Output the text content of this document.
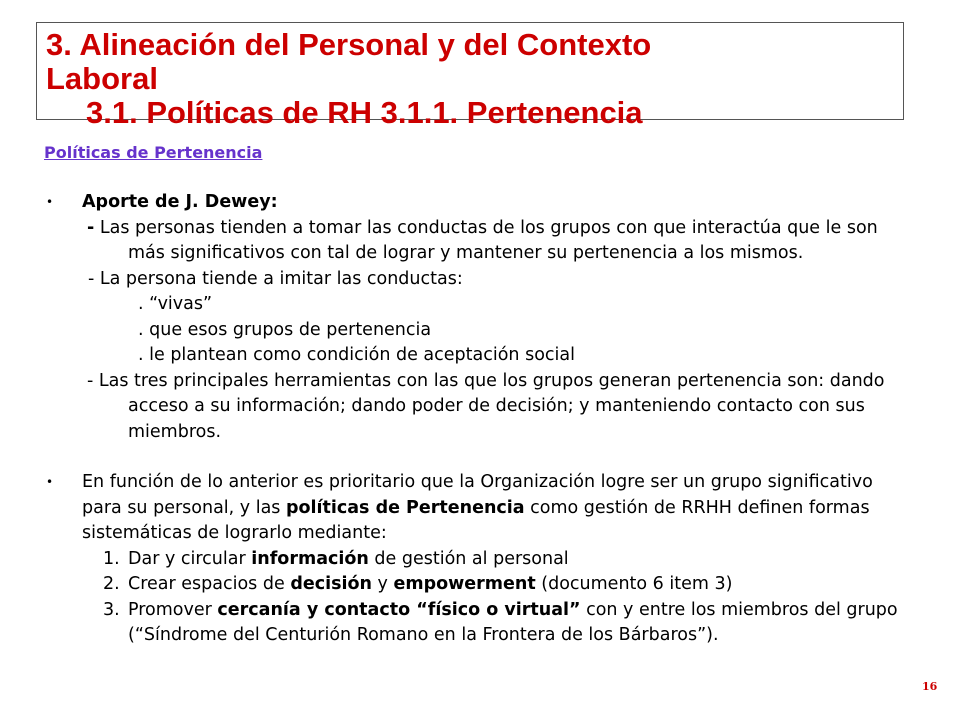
3. Alineación del Personal y del Contexto
Laboral
3.1. Políticas de RH 3.1.1. Pertenencia
Políticas de Pertenencia
• Aporte de J. Dewey:
- Las personas tienden a tomar las conductas de los grupos con que interactúa que le son más significativos con tal de lograr y mantener su pertenencia a los mismos.
- La persona tiende a imitar las conductas:
. “vivas”
. que esos grupos de pertenencia
. le plantean como condición de aceptación social
- Las tres principales herramientas con las que los grupos generan pertenencia son: dando acceso a su información; dando poder de decisión; y manteniendo contacto con sus miembros.
• En función de lo anterior es prioritario que la Organización logre ser un grupo significativo para su personal, y las políticas de Pertenencia como gestión de RRHH definen formas sistemáticas de lograrlo mediante:
1. Dar y circular información de gestión al personal
2. Crear espacios de decisión y empowerment (documento 6 item 3)
3. Promover cercanía y contacto “físico o virtual” con y entre los miembros del grupo (“Síndrome del Centurión Romano en la Frontera de los Bárbaros”).
16
